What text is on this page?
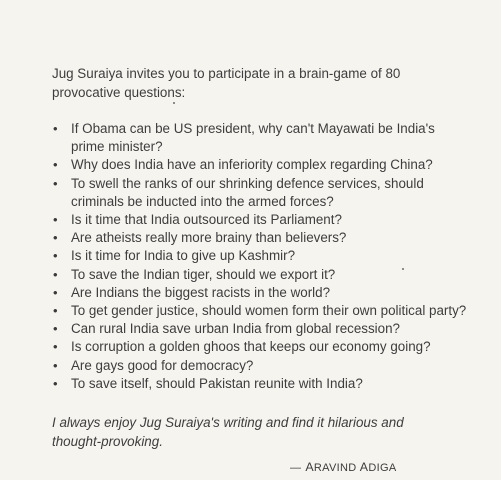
Jug Suraiya invites you to participate in a brain-game of 80
provocative questions:
• If Obama can be US president, why can't Mayawati be India's
prime minister?
• Why does India have an inferiority complex regarding China?
• To swell the ranks of our shrinking defence services, should
criminals be inducted into the armed forces?
• Is it time that India outsourced its Parliament?
• Are atheists really more brainy than believers?
• Is it time for India to give up Kashmir?
• To save the Indian tiger, should we export it?
• Are Indians the biggest racists in the world?
• To get gender justice, should women form their own political party?
• Can rural India save urban India from global recession?
• Is corruption a golden ghoos that keeps our economy going?
• Are gays good for democracy?
• To save itself, should Pakistan reunite with India?
I always enjoy Jug Suraiya's writing and find it hilarious and
thought-provoking.
— ARAVIND ADIGA
